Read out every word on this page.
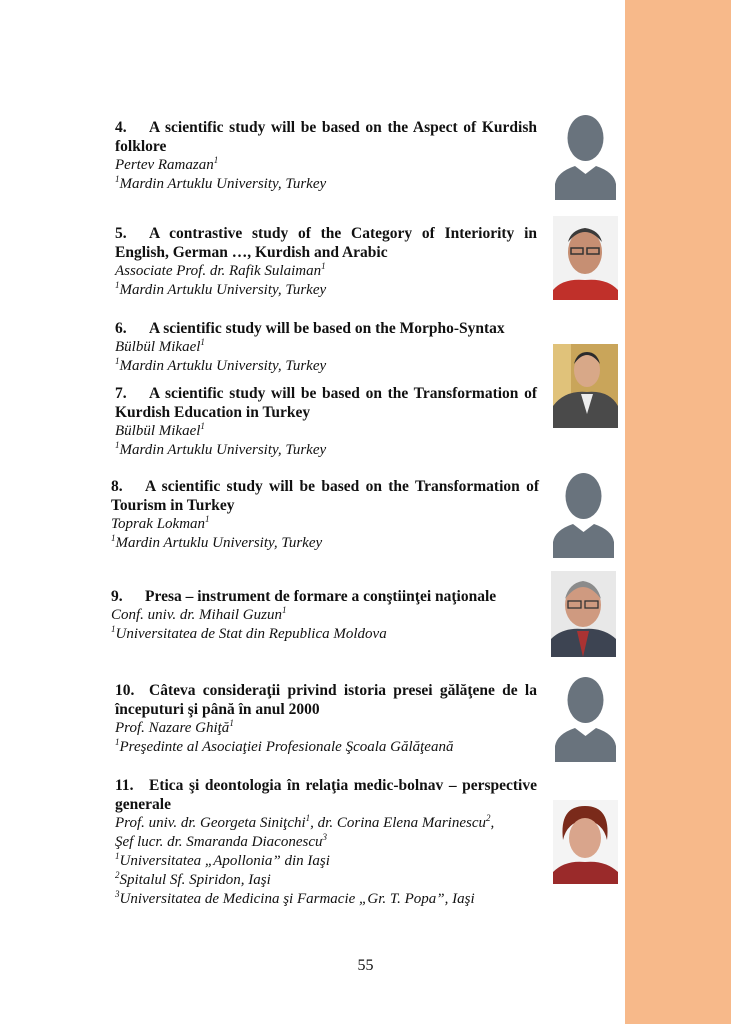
4. A scientific study will be based on the Aspect of Kurdish folklore
Pertev Ramazan$^1$
$^1$Mardin Artuklu University, Turkey
5. A contrastive study of the Category of Interiority in English, German …, Kurdish and Arabic
Associate Prof. dr. Rafik Sulaiman$^1$
$^1$Mardin Artuklu University, Turkey
6. A scientific study will be based on the Morpho-Syntax
Bülbül Mikael$^1$
$^1$Mardin Artuklu University, Turkey
7. A scientific study will be based on the Transformation of Kurdish Education in Turkey
Bülbül Mikael$^1$
$^1$Mardin Artuklu University, Turkey
8. A scientific study will be based on the Transformation of Tourism in Turkey
Toprak Lokman$^1$
$^1$Mardin Artuklu University, Turkey
9. Presa – instrument de formare a conştiinţei naţionale
Conf. univ. dr. Mihail Guzun$^1$
$^1$Universitatea de Stat din Republica Moldova
10. Câteva consideraţii privind istoria presei gălăţene de la începuturi şi până în anul 2000
Prof. Nazare Ghiţă$^1$
$^1$Preşedinte al Asociaţiei Profesionale Şcoala Gălăţeană
11. Etica şi deontologia în relaţia medic-bolnav – perspective generale
Prof. univ. dr. Georgeta Siniţchi$^1$, dr. Corina Elena Marinescu$^2$,
Şef lucr. dr. Smaranda Diaconescu$^3$
$^1$Universitatea „Apollonia” din Iaşi
$^2$Spitalul Sf. Spiridon, Iaşi
$^3$Universitatea de Medicina şi Farmacie „Gr. T. Popa”, Iaşi
55
